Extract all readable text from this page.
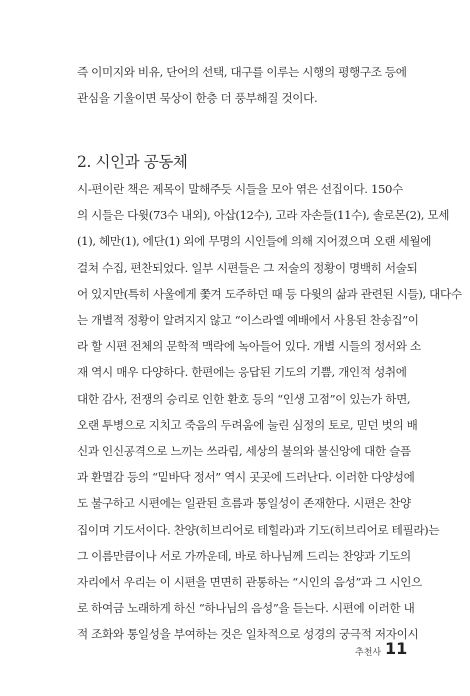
즉 이미지와 비유, 단어의 선택, 대구를 이루는 시행의 평행구조 등에
관심을 기울이면 묵상이 한층 더 풍부해질 것이다.
2. 시인과 공동체
시-편이란 책은 제목이 말해주듯 시들을 모아 엮은 선집이다. 150수
의 시들은 다윗(73수 내외), 아삽(12수), 고라 자손들(11수), 솔로몬(2), 모세
(1), 헤만(1), 에단(1) 외에 무명의 시인들에 의해 지어졌으며 오랜 세월에
걸쳐 수집, 편찬되었다. 일부 시편들은 그 저술의 정황이 명백히 서술되
어 있지만(특히 사울에게 쫓겨 도주하던 때 등 다윗의 삶과 관련된 시들), 대다수
는 개별적 정황이 알려지지 않고 “이스라엘 예배에서 사용된 찬송집”이
라 할 시편 전체의 문학적 맥락에 녹아들어 있다. 개별 시들의 정서와 소
재 역시 매우 다양하다. 한편에는 응답된 기도의 기쁨, 개인적 성취에
대한 감사, 전쟁의 승리로 인한 환호 등의 “인생 고점”이 있는가 하면,
오랜 투병으로 지치고 죽음의 두려움에 눌린 심정의 토로, 믿던 벗의 배
신과 인신공격으로 느끼는 쓰라림, 세상의 불의와 불신앙에 대한 슬픔
과 환멸감 등의 “밑바닥 정서” 역시 곳곳에 드러난다. 이러한 다양성에
도 불구하고 시편에는 일관된 흐름과 통일성이 존재한다. 시편은 찬양
집이며 기도서이다. 찬양(히브리어로 테힐라)과 기도(히브리어로 테필라)는
그 이름만큼이나 서로 가까운데, 바로 하나님께 드리는 찬양과 기도의
자리에서 우리는 이 시편을 면면히 관통하는 “시인의 음성”과 그 시인으
로 하여금 노래하게 하신 “하나님의 음성”을 듣는다. 시편에 이러한 내
적 조화와 통일성을 부여하는 것은 일차적으로 성경의 궁극적 저자이시
추천사 11
